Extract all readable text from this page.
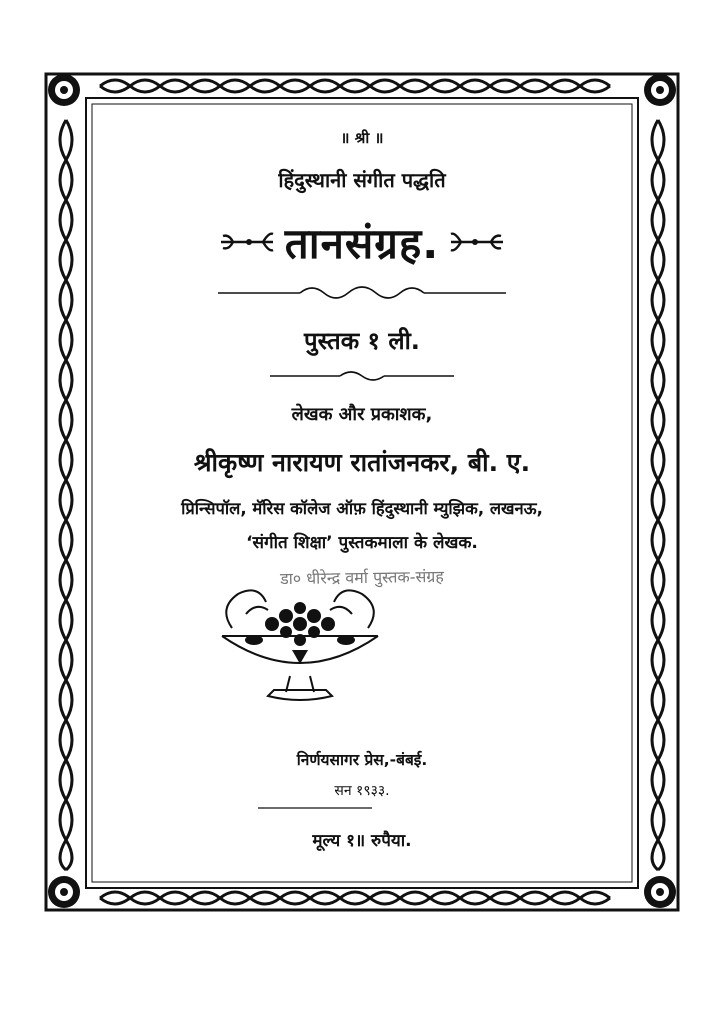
॥ श्री ॥
हिंदुस्थानी संगीत पद्धति
तानसंग्रह.
पुस्तक १ ली.
लेखक और प्रकाशक,
श्रीकृष्ण नारायण रातांजनकर, बी. ए.
प्रिन्सिपॉल, मॅरिस कॉलेज ऑफ़ हिंदुस्थानी म्युझिक, लखनऊ,
‘संगीत शिक्षा’ पुस्तकमाला के लेखक.
डा० धीरेन्द्र वर्मा पुस्तक-संग्रह
निर्णयसागर प्रेस,-बंबई.
सन १९३३.
मूल्य १॥ रुपैया.
